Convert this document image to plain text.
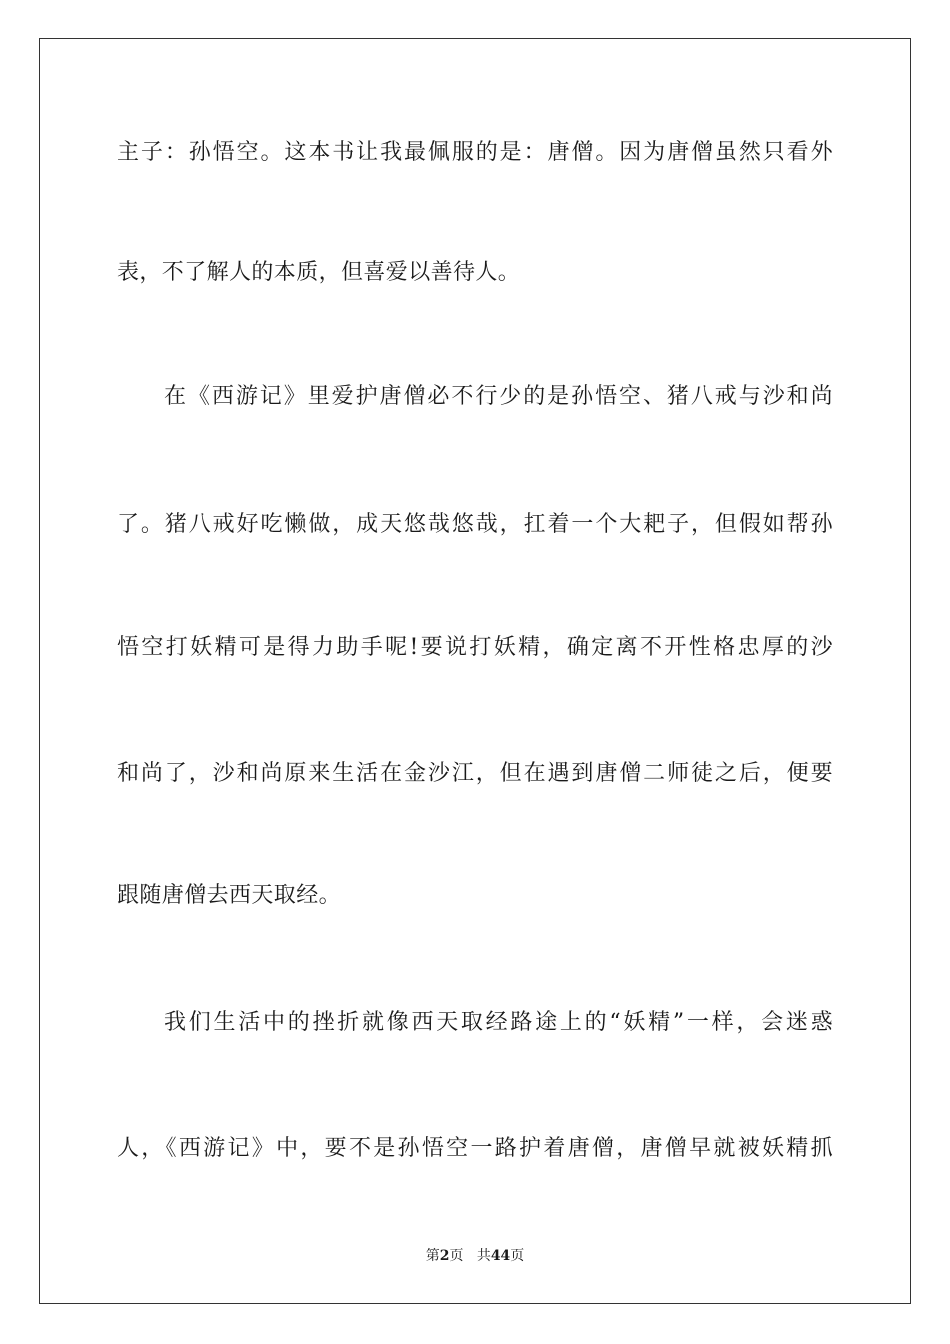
主子：孙悟空。这本书让我最佩服的是：唐僧。因为唐僧虽然只看外
表，不了解人的本质，但喜爱以善待人。
在《西游记》里爱护唐僧必不行少的是孙悟空、猪八戒与沙和尚
了。猪八戒好吃懒做，成天悠哉悠哉，扛着一个大耙子，但假如帮孙
悟空打妖精可是得力助手呢!要说打妖精，确定离不开性格忠厚的沙
和尚了，沙和尚原来生活在金沙江，但在遇到唐僧二师徒之后，便要
跟随唐僧去西天取经。
我们生活中的挫折就像西天取经路途上的“妖精”一样，会迷惑
人，《西游记》中，要不是孙悟空一路护着唐僧，唐僧早就被妖精抓
第2页 共44页
